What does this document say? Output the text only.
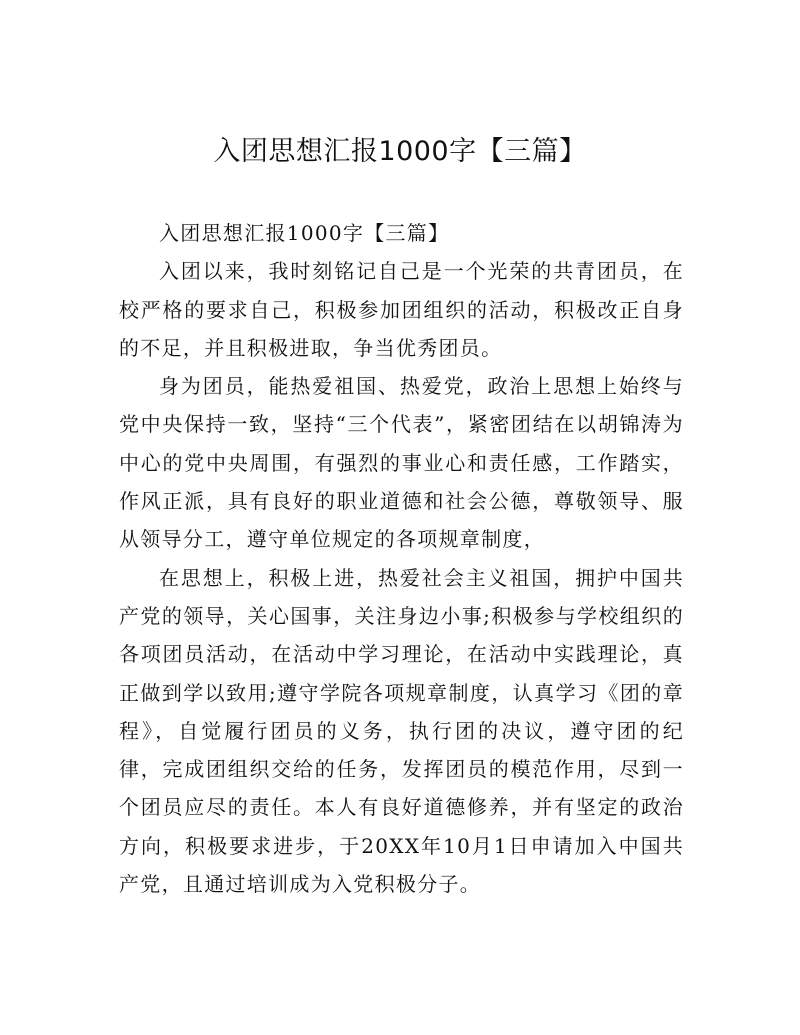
入团思想汇报1000字【三篇】

入团思想汇报1000字【三篇】

入团以来，我时刻铭记自己是一个光荣的共青团员，在校严格的要求自己，积极参加团组织的活动，积极改正自身的不足，并且积极进取，争当优秀团员。

身为团员，能热爱祖国、热爱党，政治上思想上始终与党中央保持一致，坚持“三个代表”，紧密团结在以胡锦涛为中心的党中央周围，有强烈的事业心和责任感，工作踏实，作风正派，具有良好的职业道德和社会公德，尊敬领导、服从领导分工，遵守单位规定的各项规章制度，

在思想上，积极上进，热爱社会主义祖国，拥护中国共产党的领导，关心国事，关注身边小事;积极参与学校组织的各项团员活动，在活动中学习理论，在活动中实践理论，真正做到学以致用;遵守学院各项规章制度，认真学习《团的章程》，自觉履行团员的义务，执行团的决议，遵守团的纪律，完成团组织交给的任务，发挥团员的模范作用，尽到一个团员应尽的责任。本人有良好道德修养，并有坚定的政治方向，积极要求进步，于20XX年10月1日申请加入中国共产党，且通过培训成为入党积极分子。
